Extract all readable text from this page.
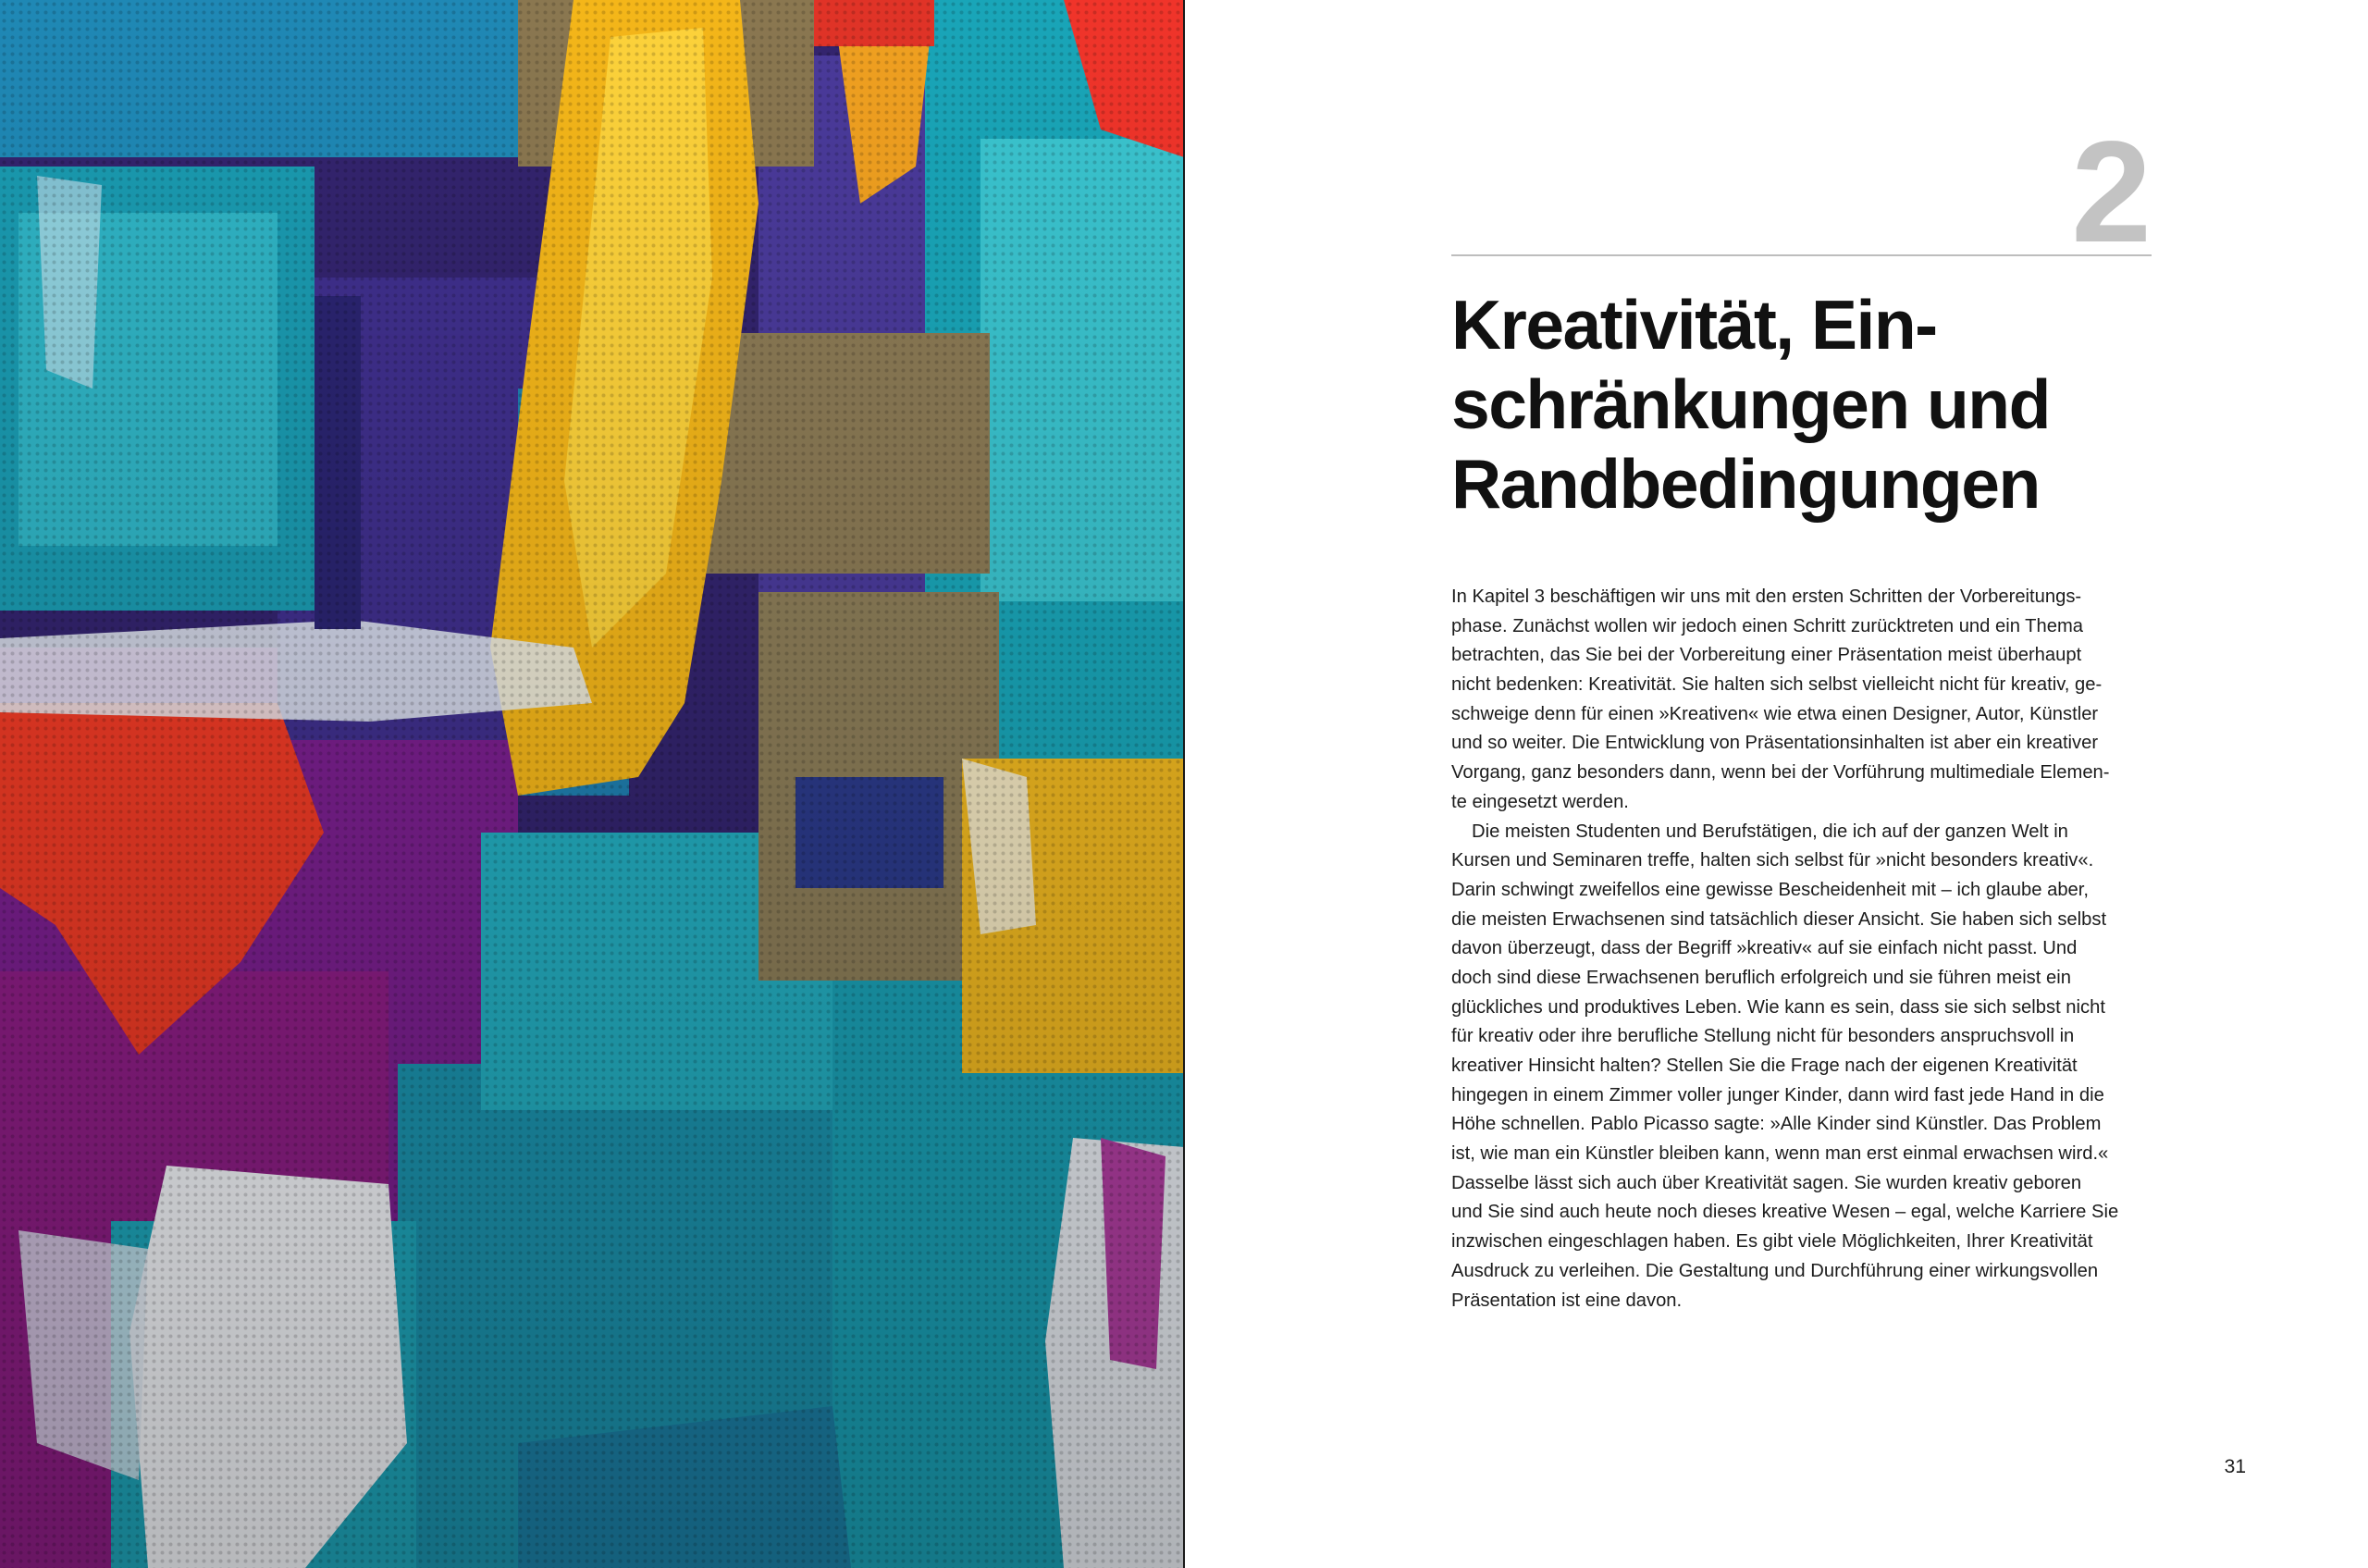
2
Kreativität, Ein-
schränkungen und
Randbedingungen
In Kapitel 3 beschäftigen wir uns mit den ersten Schritten der Vorbereitungs-
phase. Zunächst wollen wir jedoch einen Schritt zurücktreten und ein Thema
betrachten, das Sie bei der Vorbereitung einer Präsentation meist überhaupt
nicht bedenken: Kreativität. Sie halten sich selbst vielleicht nicht für kreativ, ge-
schweige denn für einen »Kreativen« wie etwa einen Designer, Autor, Künstler
und so weiter. Die Entwicklung von Präsentationsinhalten ist aber ein kreativer
Vorgang, ganz besonders dann, wenn bei der Vorführung multimediale Elemen-
te eingesetzt werden.
Die meisten Studenten und Berufstätigen, die ich auf der ganzen Welt in
Kursen und Seminaren treffe, halten sich selbst für »nicht besonders kreativ«.
Darin schwingt zweifellos eine gewisse Bescheidenheit mit – ich glaube aber,
die meisten Erwachsenen sind tatsächlich dieser Ansicht. Sie haben sich selbst
davon überzeugt, dass der Begriff »kreativ« auf sie einfach nicht passt. Und
doch sind diese Erwachsenen beruflich erfolgreich und sie führen meist ein
glückliches und produktives Leben. Wie kann es sein, dass sie sich selbst nicht
für kreativ oder ihre berufliche Stellung nicht für besonders anspruchsvoll in
kreativer Hinsicht halten? Stellen Sie die Frage nach der eigenen Kreativität
hingegen in einem Zimmer voller junger Kinder, dann wird fast jede Hand in die
Höhe schnellen. Pablo Picasso sagte: »Alle Kinder sind Künstler. Das Problem
ist, wie man ein Künstler bleiben kann, wenn man erst einmal erwachsen wird.«
Dasselbe lässt sich auch über Kreativität sagen. Sie wurden kreativ geboren
und Sie sind auch heute noch dieses kreative Wesen – egal, welche Karriere Sie
inzwischen eingeschlagen haben. Es gibt viele Möglichkeiten, Ihrer Kreativität
Ausdruck zu verleihen. Die Gestaltung und Durchführung einer wirkungsvollen
Präsentation ist eine davon.
31
